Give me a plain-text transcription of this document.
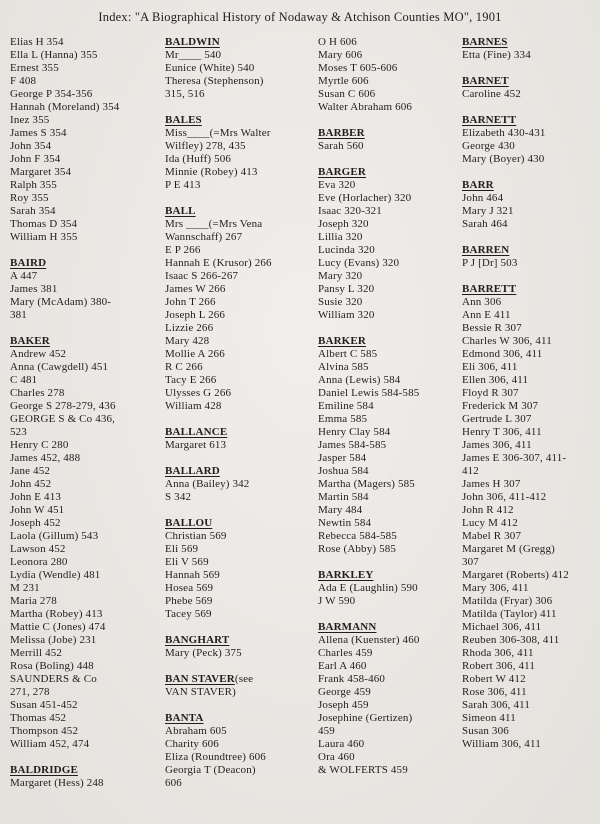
Index: "A Biographical History of Nodaway & Atchison Counties MO", 1901
Elias H 354
Ella L (Hanna) 355
Ernest 355
F 408
George P 354-356
Hannah (Moreland) 354
Inez 355
James S 354
John 354
John F 354
Margaret 354
Ralph 355
Roy 355
Sarah 354
Thomas D 354
William H 355
BAIRD
A 447
James 381
Mary (McAdam) 380-
381
BAKER
Andrew 452
Anna (Cawgdell) 451
C 481
Charles 278
George S 278-279, 436
GEORGE S & Co 436,
523
Henry C 280
James 452, 488
Jane 452
John 452
John E 413
John W 451
Joseph 452
Laola (Gillum) 543
Lawson 452
Leonora 280
Lydia (Wendle) 481
M 231
Maria 278
Martha (Robey) 413
Mattie C (Jones) 474
Melissa (Jobe) 231
Merrill 452
Rosa (Boling) 448
SAUNDERS & Co
271, 278
Susan 451-452
Thomas 452
Thompson 452
William 452, 474
BALDRIDGE
Margaret (Hess) 248
BALDWIN
Mr____ 540
Eunice (White) 540
Theresa (Stephenson)
315, 516
BALES
Miss____(=Mrs Walter
Wilfley) 278, 435
Ida (Huff) 506
Minnie (Robey) 413
P E 413
BALL
Mrs ____(=Mrs Vena
Wannschaff) 267
E P 266
Hannah E (Krusor) 266
Isaac S 266-267
James W 266
John T 266
Joseph L 266
Lizzie 266
Mary 428
Mollie A 266
R C 266
Tacy E 266
Ulysses G 266
William 428
BALLANCE
Margaret 613
BALLARD
Anna (Bailey) 342
S 342
BALLOU
Christian 569
Eli 569
Eli V 569
Hannah 569
Hosea 569
Phebe 569
Tacey 569
BANGHART
Mary (Peck) 375
BAN STAVER(see
VAN STAVER)
BANTA
Abraham 605
Charity 606
Eliza (Roundtree) 606
Georgia T (Deacon)
606
O H 606
Mary 606
Moses T 605-606
Myrtle 606
Susan C 606
Walter Abraham 606
BARBER
Sarah 560
BARGER
Eva 320
Eve (Horlacher) 320
Isaac 320-321
Joseph 320
Lillia 320
Lucinda 320
Lucy (Evans) 320
Mary 320
Pansy L 320
Susie 320
William 320
BARKER
Albert C 585
Alvina 585
Anna (Lewis) 584
Daniel Lewis 584-585
Emiline 584
Emma 585
Henry Clay 584
James 584-585
Jasper 584
Joshua 584
Martha (Magers) 585
Martin 584
Mary 484
Newtin 584
Rebecca 584-585
Rose (Abby) 585
BARKLEY
Ada E (Laughlin) 590
J W 590
BARMANN
Allena (Kuenster) 460
Charles 459
Earl A 460
Frank 458-460
George 459
Joseph 459
Josephine (Gertizen)
459
Laura 460
Ora 460
& WOLFERTS 459
BARNES
Etta (Fine) 334
BARNET
Caroline 452
BARNETT
Elizabeth 430-431
George 430
Mary (Boyer) 430
BARR
John 464
Mary J 321
Sarah 464
BARREN
P J [Dr] 503
BARRETT
Ann 306
Ann E 411
Bessie R 307
Charles W 306, 411
Edmond 306, 411
Eli 306, 411
Ellen 306, 411
Floyd R 307
Frederick M 307
Gertrude L 307
Henry T 306, 411
James 306, 411
James E 306-307, 411-
412
James H 307
John 306, 411-412
John R 412
Lucy M 412
Mabel R 307
Margaret M (Gregg)
307
Margaret (Roberts) 412
Mary 306, 411
Matilda (Fryar) 306
Matilda (Taylor) 411
Michael 306, 411
Reuben 306-308, 411
Rhoda 306, 411
Robert 306, 411
Robert W 412
Rose 306, 411
Sarah 306, 411
Simeon 411
Susan 306
William 306, 411
